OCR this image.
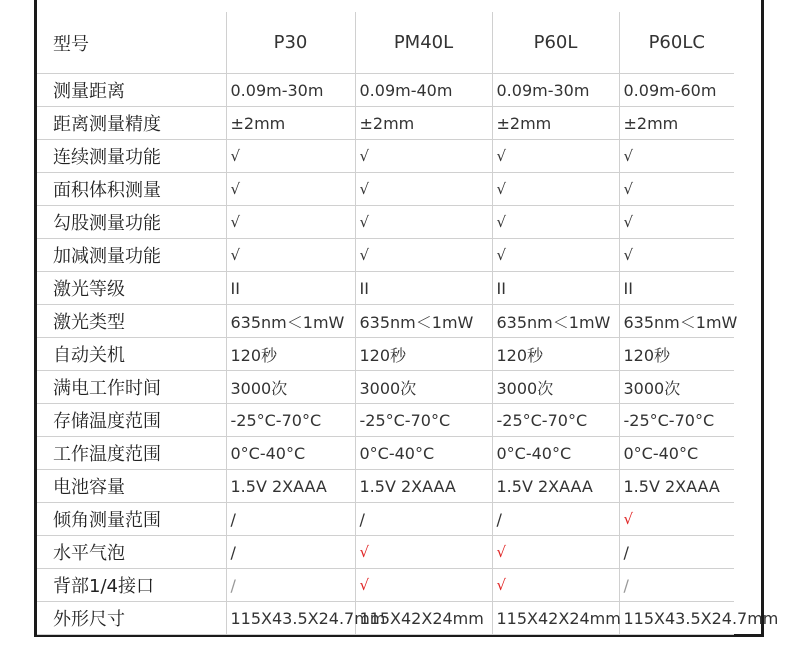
型号	P30	PM40L	P60L	P60LC
测量距离	0.09m-30m	0.09m-40m	0.09m-30m	0.09m-60m
距离测量精度	±2mm	±2mm	±2mm	±2mm
连续测量功能	√	√	√	√
面积体积测量	√	√	√	√
勾股测量功能	√	√	√	√
加减测量功能	√	√	√	√
激光等级	II	II	II	II
激光类型	635nm＜1mW	635nm＜1mW	635nm＜1mW	635nm＜1mW
自动关机	120秒	120秒	120秒	120秒
满电工作时间	3000次	3000次	3000次	3000次
存储温度范围	-25°C-70°C	-25°C-70°C	-25°C-70°C	-25°C-70°C
工作温度范围	0°C-40°C	0°C-40°C	0°C-40°C	0°C-40°C
电池容量	1.5V 2XAAA	1.5V 2XAAA	1.5V 2XAAA	1.5V 2XAAA
倾角测量范围	/	/	/	√
水平气泡	/	√	√	/
背部1/4接口	/	√	√	/
外形尺寸	115X43.5X24.7mm	115X42X24mm	115X42X24mm	115X43.5X24.7mm
